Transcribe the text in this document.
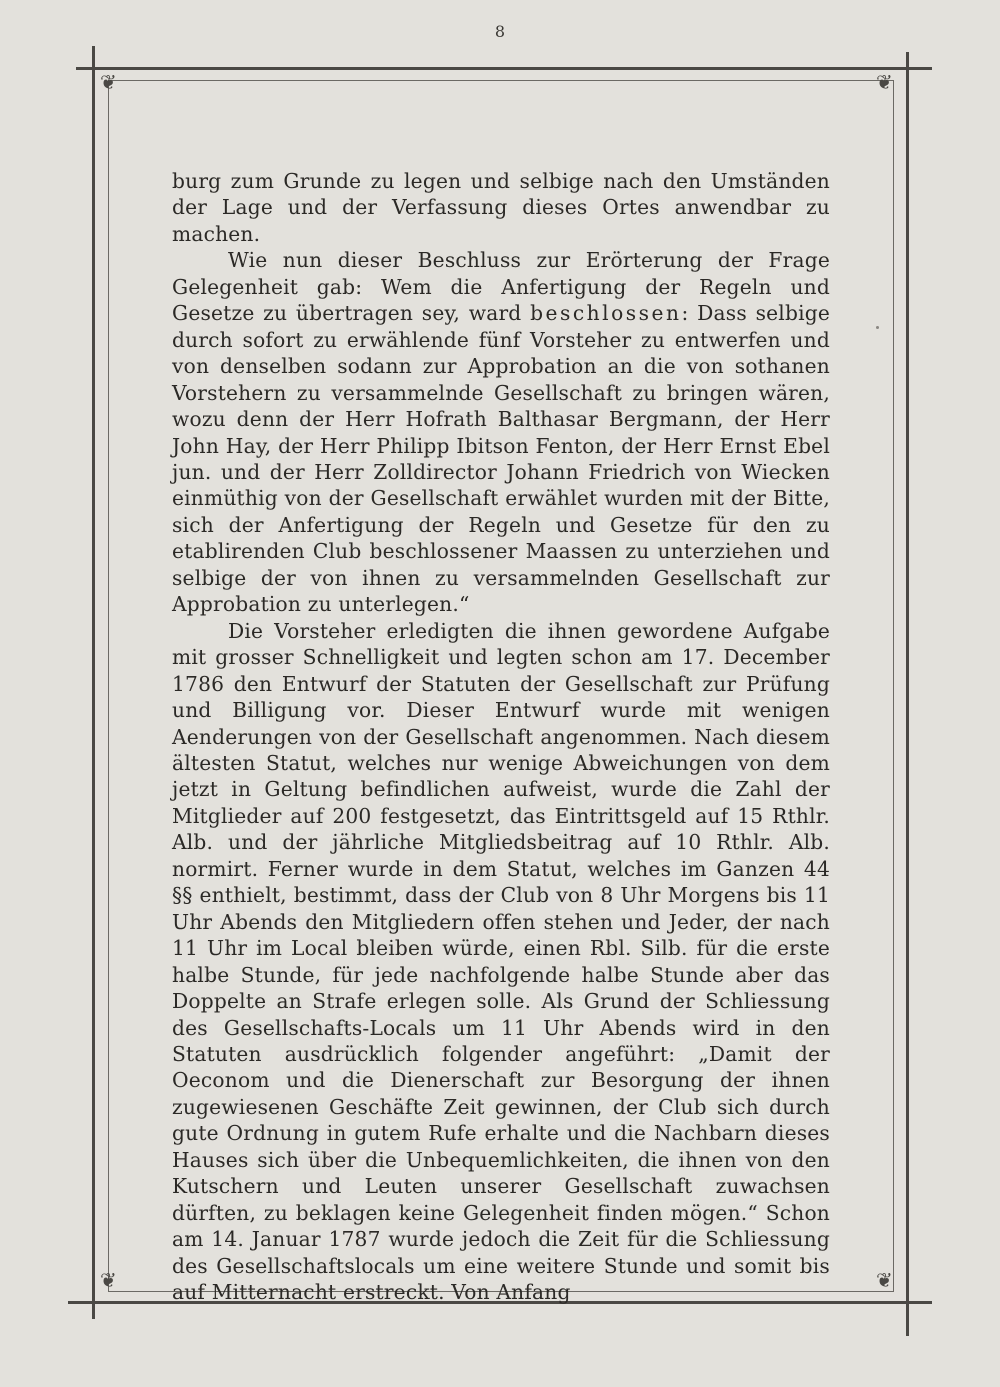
8
❦	❦
❦	❦

burg zum Grunde zu legen und selbige nach den Umständen der Lage und der Verfassung dieses Ortes anwendbar zu machen.

Wie nun dieser Beschluss zur Erörterung der Frage Gelegenheit gab: Wem die Anfertigung der Regeln und Gesetze zu übertragen sey, ward beschlossen: Dass selbige durch sofort zu erwählende fünf Vorsteher zu entwerfen und von denselben sodann zur Approbation an die von sothanen Vorstehern zu versammelnde Gesellschaft zu bringen wären, wozu denn der Herr Hofrath Balthasar Bergmann, der Herr John Hay, der Herr Philipp Ibitson Fenton, der Herr Ernst Ebel jun. und der Herr Zolldirector Johann Friedrich von Wiecken einmüthig von der Gesellschaft erwählet wurden mit der Bitte, sich der Anfertigung der Regeln und Gesetze für den zu etablirenden Club beschlossener Maassen zu unterziehen und selbige der von ihnen zu versammelnden Gesellschaft zur Approbation zu unterlegen.“

Die Vorsteher erledigten die ihnen gewordene Aufgabe mit grosser Schnelligkeit und legten schon am 17. December 1786 den Entwurf der Statuten der Gesellschaft zur Prüfung und Billigung vor. Dieser Entwurf wurde mit wenigen Aenderungen von der Gesellschaft angenommen. Nach diesem ältesten Statut, welches nur wenige Abweichungen von dem jetzt in Geltung befindlichen aufweist, wurde die Zahl der Mitglieder auf 200 festgesetzt, das Eintrittsgeld auf 15 Rthlr. Alb. und der jährliche Mitgliedsbeitrag auf 10 Rthlr. Alb. normirt. Ferner wurde in dem Statut, welches im Ganzen 44 §§ enthielt, bestimmt, dass der Club von 8 Uhr Morgens bis 11 Uhr Abends den Mitgliedern offen stehen und Jeder, der nach 11 Uhr im Local bleiben würde, einen Rbl. Silb. für die erste halbe Stunde, für jede nachfolgende halbe Stunde aber das Doppelte an Strafe erlegen solle. Als Grund der Schliessung des Gesellschafts-Locals um 11 Uhr Abends wird in den Statuten ausdrücklich folgender angeführt: „Damit der Oeconom und die Dienerschaft zur Besorgung der ihnen zugewiesenen Geschäfte Zeit gewinnen, der Club sich durch gute Ordnung in gutem Rufe erhalte und die Nachbarn dieses Hauses sich über die Unbequemlichkeiten, die ihnen von den Kutschern und Leuten unserer Gesellschaft zuwachsen dürften, zu beklagen keine Gelegenheit finden mögen.“ Schon am 14. Januar 1787 wurde jedoch die Zeit für die Schliessung des Gesellschaftslocals um eine weitere Stunde und somit bis auf Mitternacht erstreckt. Von Anfang
